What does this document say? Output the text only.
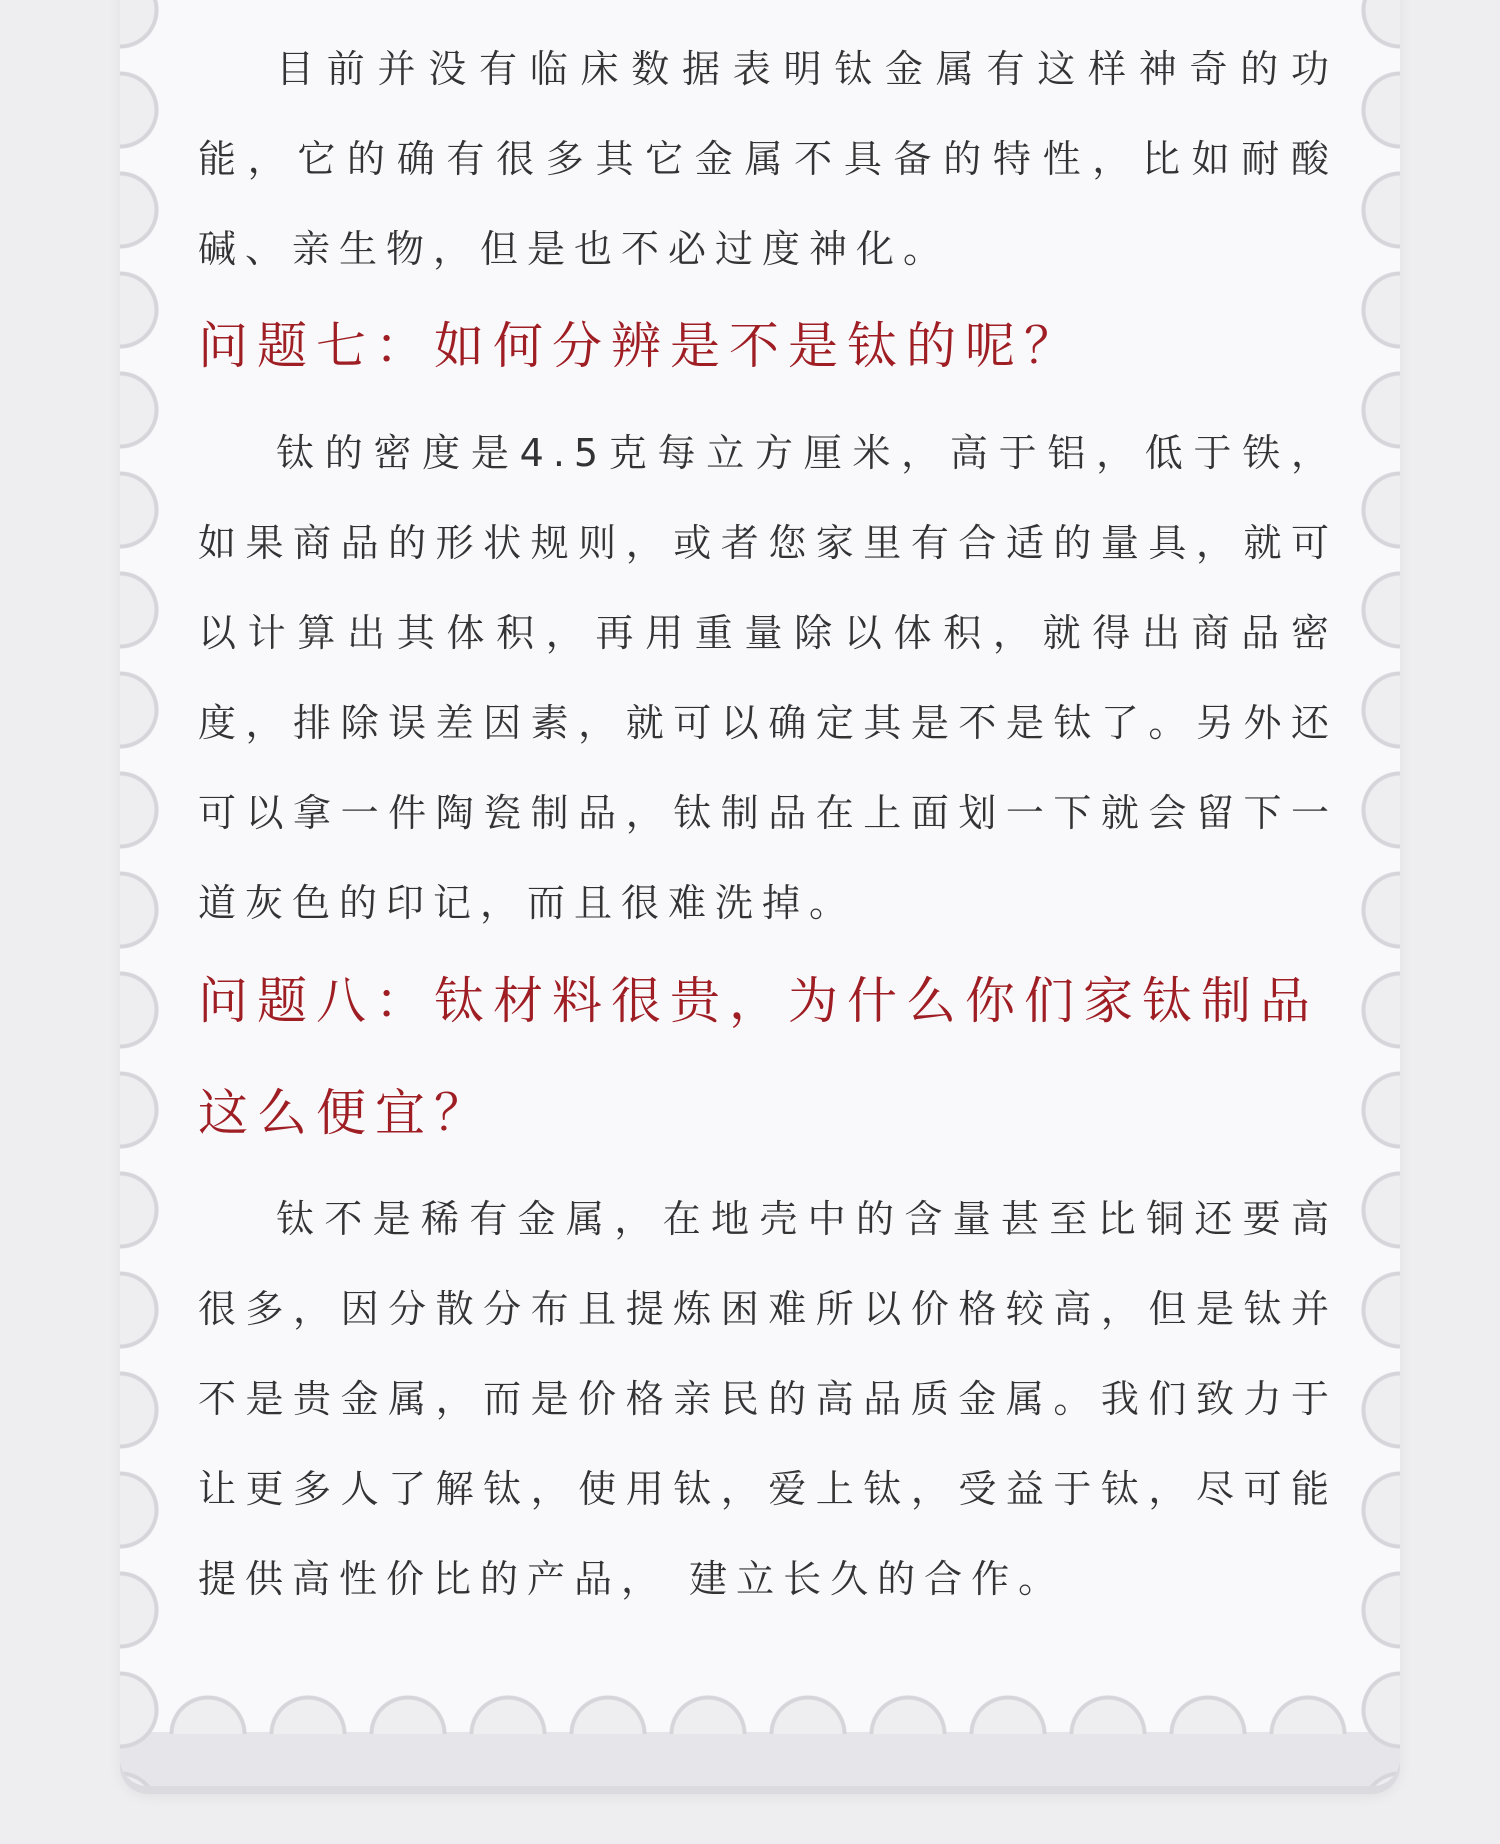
目前并没有临床数据表明钛金属有这样神奇的功能，它的确有很多其它金属不具备的特性，比如耐酸碱、亲生物，但是也不必过度神化。

问题七：如何分辨是不是钛的呢？

钛的密度是4.5克每立方厘米，高于铝，低于铁，如果商品的形状规则，或者您家里有合适的量具，就可以计算出其体积，再用重量除以体积，就得出商品密度，排除误差因素，就可以确定其是不是钛了。另外还可以拿一件陶瓷制品，钛制品在上面划一下就会留下一道灰色的印记，而且很难洗掉。

问题八：钛材料很贵，为什么你们家钛制品这么便宜？

钛不是稀有金属，在地壳中的含量甚至比铜还要高很多，因分散分布且提炼困难所以价格较高，但是钛并不是贵金属，而是价格亲民的高品质金属。我们致力于让更多人了解钛，使用钛，爱上钛，受益于钛，尽可能提供高性价比的产品， 建立长久的合作。
